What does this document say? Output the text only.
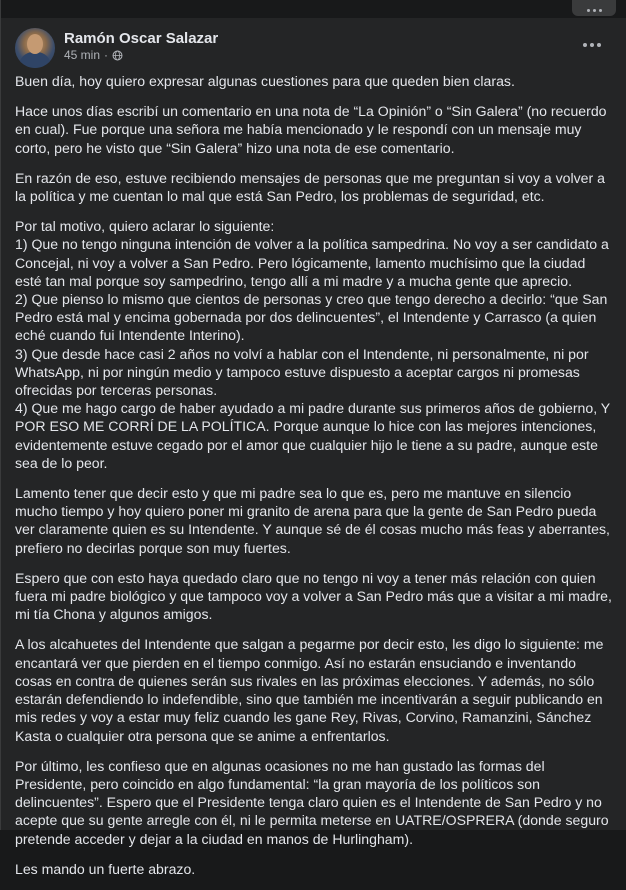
Ramón Oscar Salazar
45 min ·

Buen día, hoy quiero expresar algunas cuestiones para que queden bien claras.

Hace unos días escribí un comentario en una nota de “La Opinión” o “Sin Galera” (no recuerdo en cual). Fue porque una señora me había mencionado y le respondí con un mensaje muy corto, pero he visto que “Sin Galera” hizo una nota de ese comentario.

En razón de eso, estuve recibiendo mensajes de personas que me preguntan si voy a volver a la política y me cuentan lo mal que está San Pedro, los problemas de seguridad, etc.

Por tal motivo, quiero aclarar lo siguiente:
1) Que no tengo ninguna intención de volver a la política sampedrina. No voy a ser candidato a Concejal, ni voy a volver a San Pedro. Pero lógicamente, lamento muchísimo que la ciudad esté tan mal porque soy sampedrino, tengo allí a mi madre y a mucha gente que aprecio.
2) Que pienso lo mismo que cientos de personas y creo que tengo derecho a decirlo: “que San Pedro está mal y encima gobernada por dos delincuentes”, el Intendente y Carrasco (a quien eché cuando fui Intendente Interino).
3) Que desde hace casi 2 años no volví a hablar con el Intendente, ni personalmente, ni por WhatsApp, ni por ningún medio y tampoco estuve dispuesto a aceptar cargos ni promesas ofrecidas por terceras personas.
4) Que me hago cargo de haber ayudado a mi padre durante sus primeros años de gobierno, Y POR ESO ME CORRÍ DE LA POLÍTICA. Porque aunque lo hice con las mejores intenciones, evidentemente estuve cegado por el amor que cualquier hijo le tiene a su padre, aunque este sea de lo peor.

Lamento tener que decir esto y que mi padre sea lo que es, pero me mantuve en silencio mucho tiempo y hoy quiero poner mi granito de arena para que la gente de San Pedro pueda ver claramente quien es su Intendente. Y aunque sé de él cosas mucho más feas y aberrantes, prefiero no decirlas porque son muy fuertes.

Espero que con esto haya quedado claro que no tengo ni voy a tener más relación con quien fuera mi padre biológico y que tampoco voy a volver a San Pedro más que a visitar a mi madre, mi tía Chona y algunos amigos.

A los alcahuetes del Intendente que salgan a pegarme por decir esto, les digo lo siguiente: me encantará ver que pierden en el tiempo conmigo. Así no estarán ensuciando e inventando cosas en contra de quienes serán sus rivales en las próximas elecciones. Y además, no sólo estarán defendiendo lo indefendible, sino que también me incentivarán a seguir publicando en mis redes y voy a estar muy feliz cuando les gane Rey, Rivas, Corvino, Ramanzini, Sánchez Kasta o cualquier otra persona que se anime a enfrentarlos.

Por último, les confieso que en algunas ocasiones no me han gustado las formas del Presidente, pero coincido en algo fundamental: “la gran mayoría de los políticos son delincuentes”. Espero que el Presidente tenga claro quien es el Intendente de San Pedro y no acepte que su gente arregle con él, ni le permita meterse en UATRE/OSPRERA (donde seguro pretende acceder y dejar a la ciudad en manos de Hurlingham).

Les mando un fuerte abrazo.
